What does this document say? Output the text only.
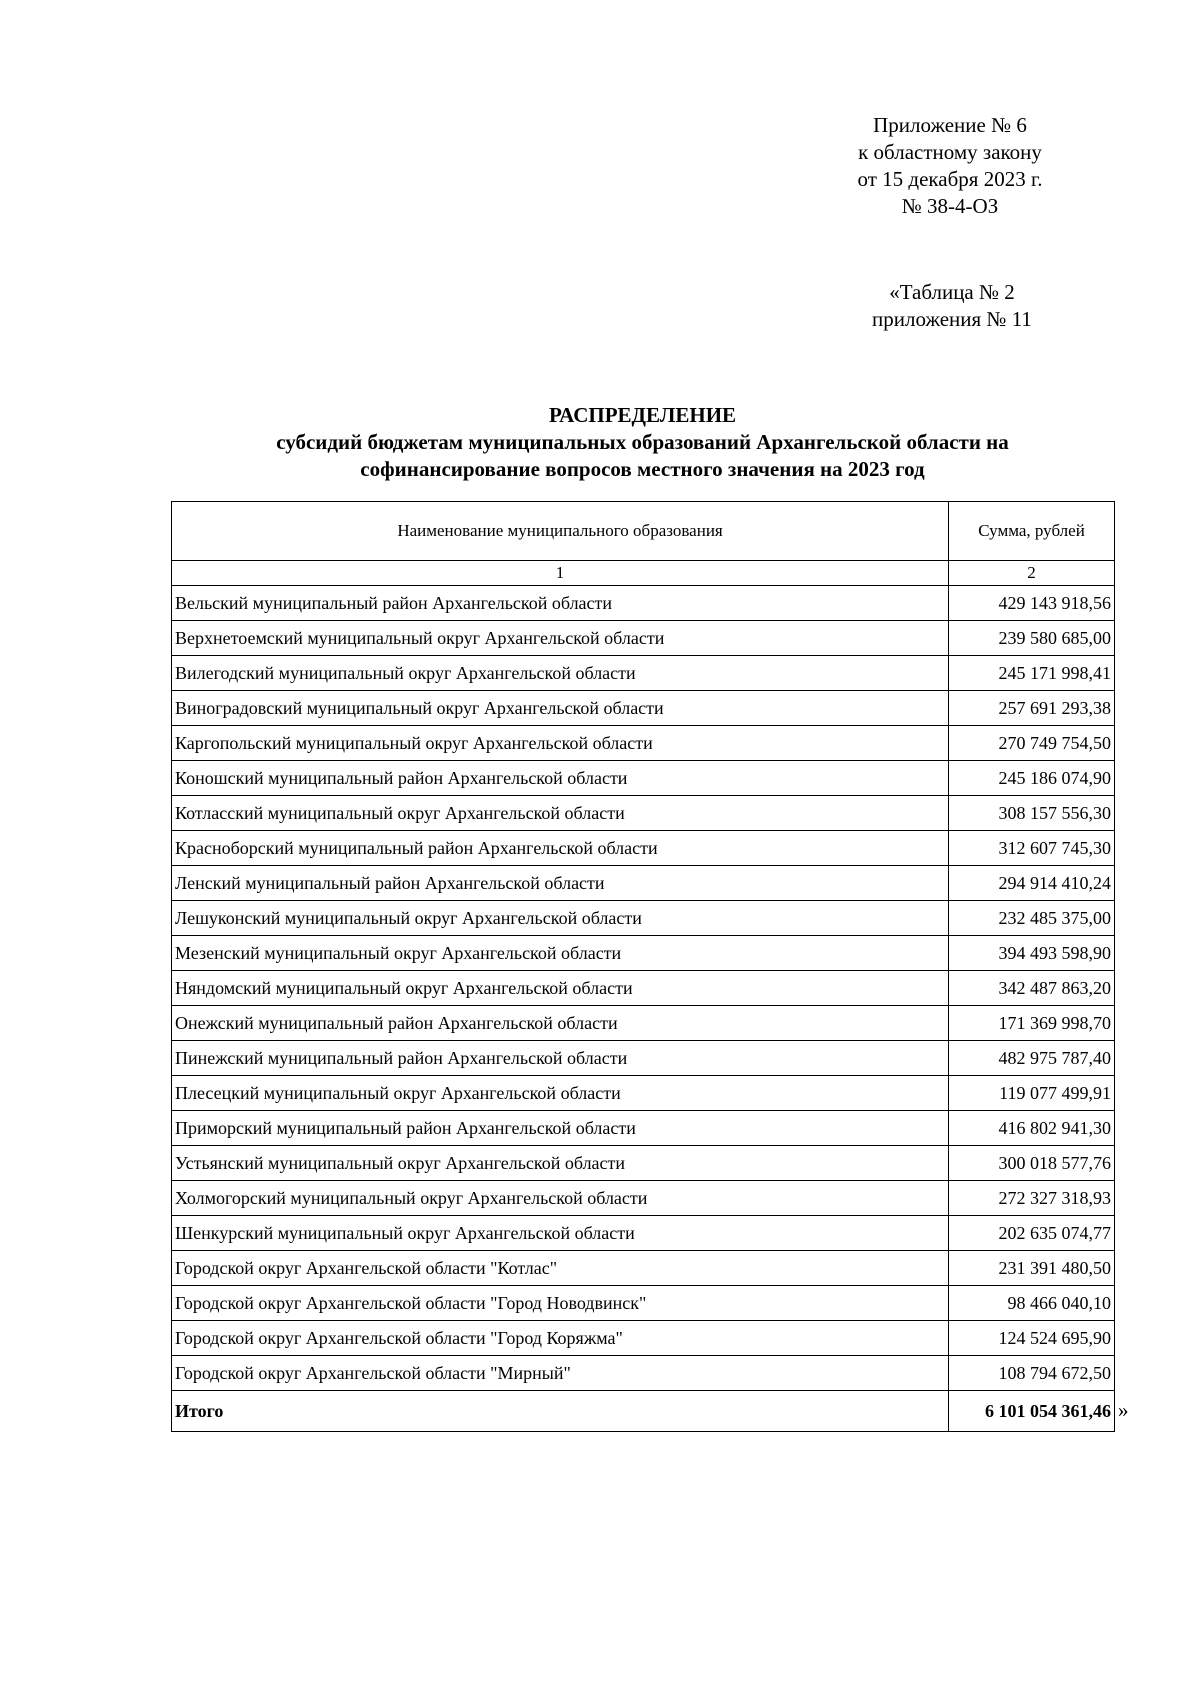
Приложение № 6
к областному закону
от 15 декабря 2023 г.
№ 38-4-ОЗ
«Таблица № 2
приложения № 11
РАСПРЕДЕЛЕНИЕ
субсидий бюджетам муниципальных образований Архангельской области на
софинансирование вопросов местного значения на 2023 год
Наименование муниципального образования	Сумма, рублей
1	2
Вельский муниципальный район Архангельской области	429 143 918,56
Верхнетоемский муниципальный округ Архангельской области	239 580 685,00
Вилегодский муниципальный округ Архангельской области	245 171 998,41
Виноградовский муниципальный округ Архангельской области	257 691 293,38
Каргопольский муниципальный округ Архангельской области	270 749 754,50
Коношский муниципальный район Архангельской области	245 186 074,90
Котласский муниципальный округ Архангельской области	308 157 556,30
Красноборский муниципальный район Архангельской области	312 607 745,30
Ленский муниципальный район Архангельской области	294 914 410,24
Лешуконский муниципальный округ Архангельской области	232 485 375,00
Мезенский муниципальный округ Архангельской области	394 493 598,90
Няндомский муниципальный округ Архангельской области	342 487 863,20
Онежский муниципальный район Архангельской области	171 369 998,70
Пинежский муниципальный район Архангельской области	482 975 787,40
Плесецкий муниципальный округ Архангельской области	119 077 499,91
Приморский муниципальный район Архангельской области	416 802 941,30
Устьянский муниципальный округ Архангельской области	300 018 577,76
Холмогорский муниципальный округ Архангельской области	272 327 318,93
Шенкурский муниципальный округ Архангельской области	202 635 074,77
Городской округ Архангельской области "Котлас"	231 391 480,50
Городской округ Архангельской области "Город Новодвинск"	98 466 040,10
Городской округ Архангельской области "Город Коряжма"	124 524 695,90
Городской округ Архангельской области "Мирный"	108 794 672,50
Итого	6 101 054 361,46 »
